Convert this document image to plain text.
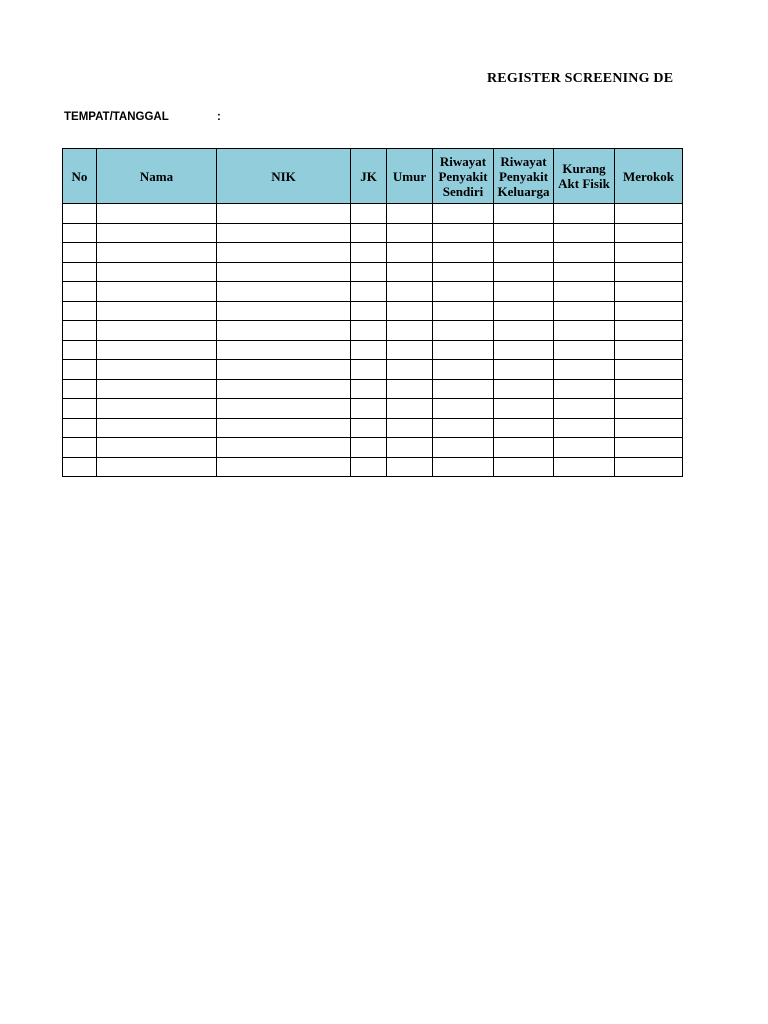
REGISTER SCREENING DE
TEMPAT/TANGGAL	:
No	Nama	NIK	JK	Umur	Riwayat Penyakit Sendiri	Riwayat Penyakit Keluarga	Kurang Akt Fisik	Merokok
